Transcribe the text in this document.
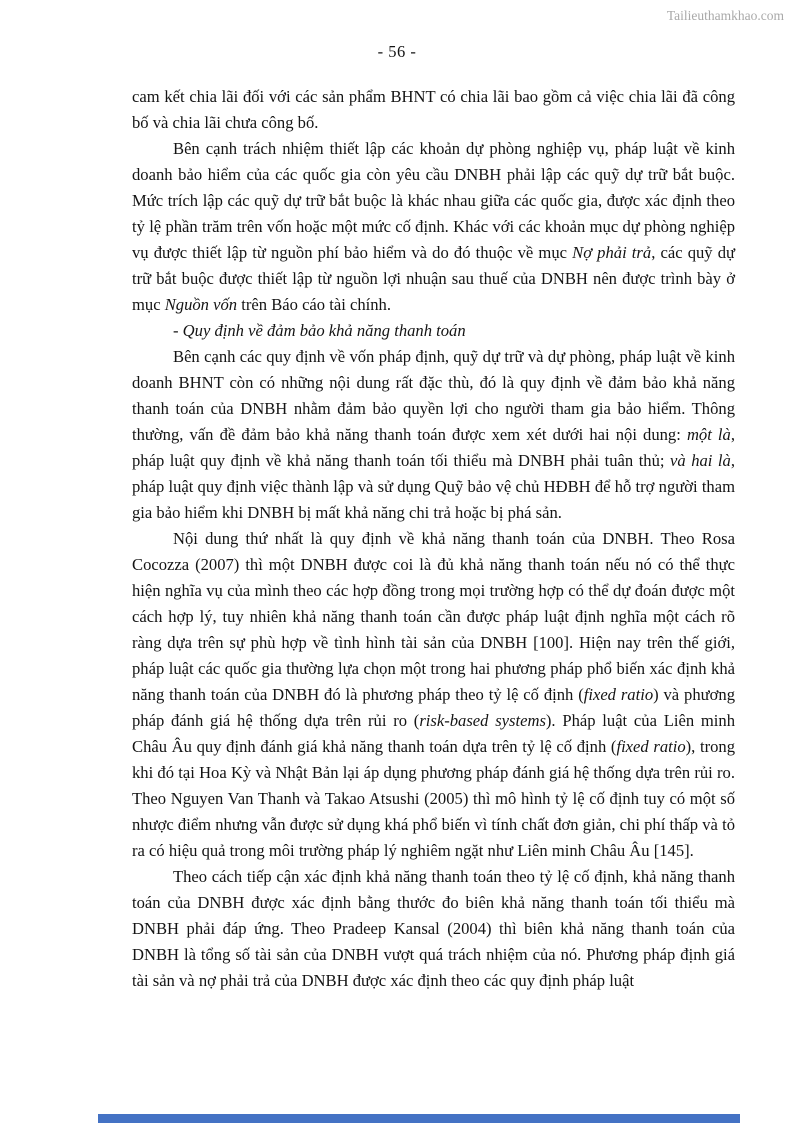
Tailieuthamkhao.com
- 56 -

cam kết chia lãi đối với các sản phẩm BHNT có chia lãi bao gồm cả việc chia lãi đã công bố và chia lãi chưa công bố.

Bên cạnh trách nhiệm thiết lập các khoản dự phòng nghiệp vụ, pháp luật về kinh doanh bảo hiểm của các quốc gia còn yêu cầu DNBH phải lập các quỹ dự trữ bắt buộc. Mức trích lập các quỹ dự trữ bắt buộc là khác nhau giữa các quốc gia, được xác định theo tỷ lệ phần trăm trên vốn hoặc một mức cố định. Khác với các khoản mục dự phòng nghiệp vụ được thiết lập từ nguồn phí bảo hiểm và do đó thuộc về mục Nợ phải trả, các quỹ dự trữ bắt buộc được thiết lập từ nguồn lợi nhuận sau thuế của DNBH nên được trình bày ở mục Nguồn vốn trên Báo cáo tài chính.

- Quy định về đảm bảo khả năng thanh toán

Bên cạnh các quy định về vốn pháp định, quỹ dự trữ và dự phòng, pháp luật về kinh doanh BHNT còn có những nội dung rất đặc thù, đó là quy định về đảm bảo khả năng thanh toán của DNBH nhằm đảm bảo quyền lợi cho người tham gia bảo hiểm. Thông thường, vấn đề đảm bảo khả năng thanh toán được xem xét dưới hai nội dung: một là, pháp luật quy định về khả năng thanh toán tối thiểu mà DNBH phải tuân thủ; và hai là, pháp luật quy định việc thành lập và sử dụng Quỹ bảo vệ chủ HĐBH để hỗ trợ người tham gia bảo hiểm khi DNBH bị mất khả năng chi trả hoặc bị phá sản.

Nội dung thứ nhất là quy định về khả năng thanh toán của DNBH. Theo Rosa Cocozza (2007) thì một DNBH được coi là đủ khả năng thanh toán nếu nó có thể thực hiện nghĩa vụ của mình theo các hợp đồng trong mọi trường hợp có thể dự đoán được một cách hợp lý, tuy nhiên khả năng thanh toán cần được pháp luật định nghĩa một cách rõ ràng dựa trên sự phù hợp về tình hình tài sản của DNBH [100]. Hiện nay trên thế giới, pháp luật các quốc gia thường lựa chọn một trong hai phương pháp phổ biến xác định khả năng thanh toán của DNBH đó là phương pháp theo tỷ lệ cố định (fixed ratio) và phương pháp đánh giá hệ thống dựa trên rủi ro (risk-based systems). Pháp luật của Liên minh Châu Âu quy định đánh giá khả năng thanh toán dựa trên tỷ lệ cố định (fixed ratio), trong khi đó tại Hoa Kỳ và Nhật Bản lại áp dụng phương pháp đánh giá hệ thống dựa trên rủi ro. Theo Nguyen Van Thanh và Takao Atsushi (2005) thì mô hình tỷ lệ cố định tuy có một số nhược điểm nhưng vẫn được sử dụng khá phổ biến vì tính chất đơn giản, chi phí thấp và tỏ ra có hiệu quả trong môi trường pháp lý nghiêm ngặt như Liên minh Châu Âu [145].

Theo cách tiếp cận xác định khả năng thanh toán theo tỷ lệ cố định, khả năng thanh toán của DNBH được xác định bằng thước đo biên khả năng thanh toán tối thiểu mà DNBH phải đáp ứng. Theo Pradeep Kansal (2004) thì biên khả năng thanh toán của DNBH là tổng số tài sản của DNBH vượt quá trách nhiệm của nó. Phương pháp định giá tài sản và nợ phải trả của DNBH được xác định theo các quy định pháp luật
